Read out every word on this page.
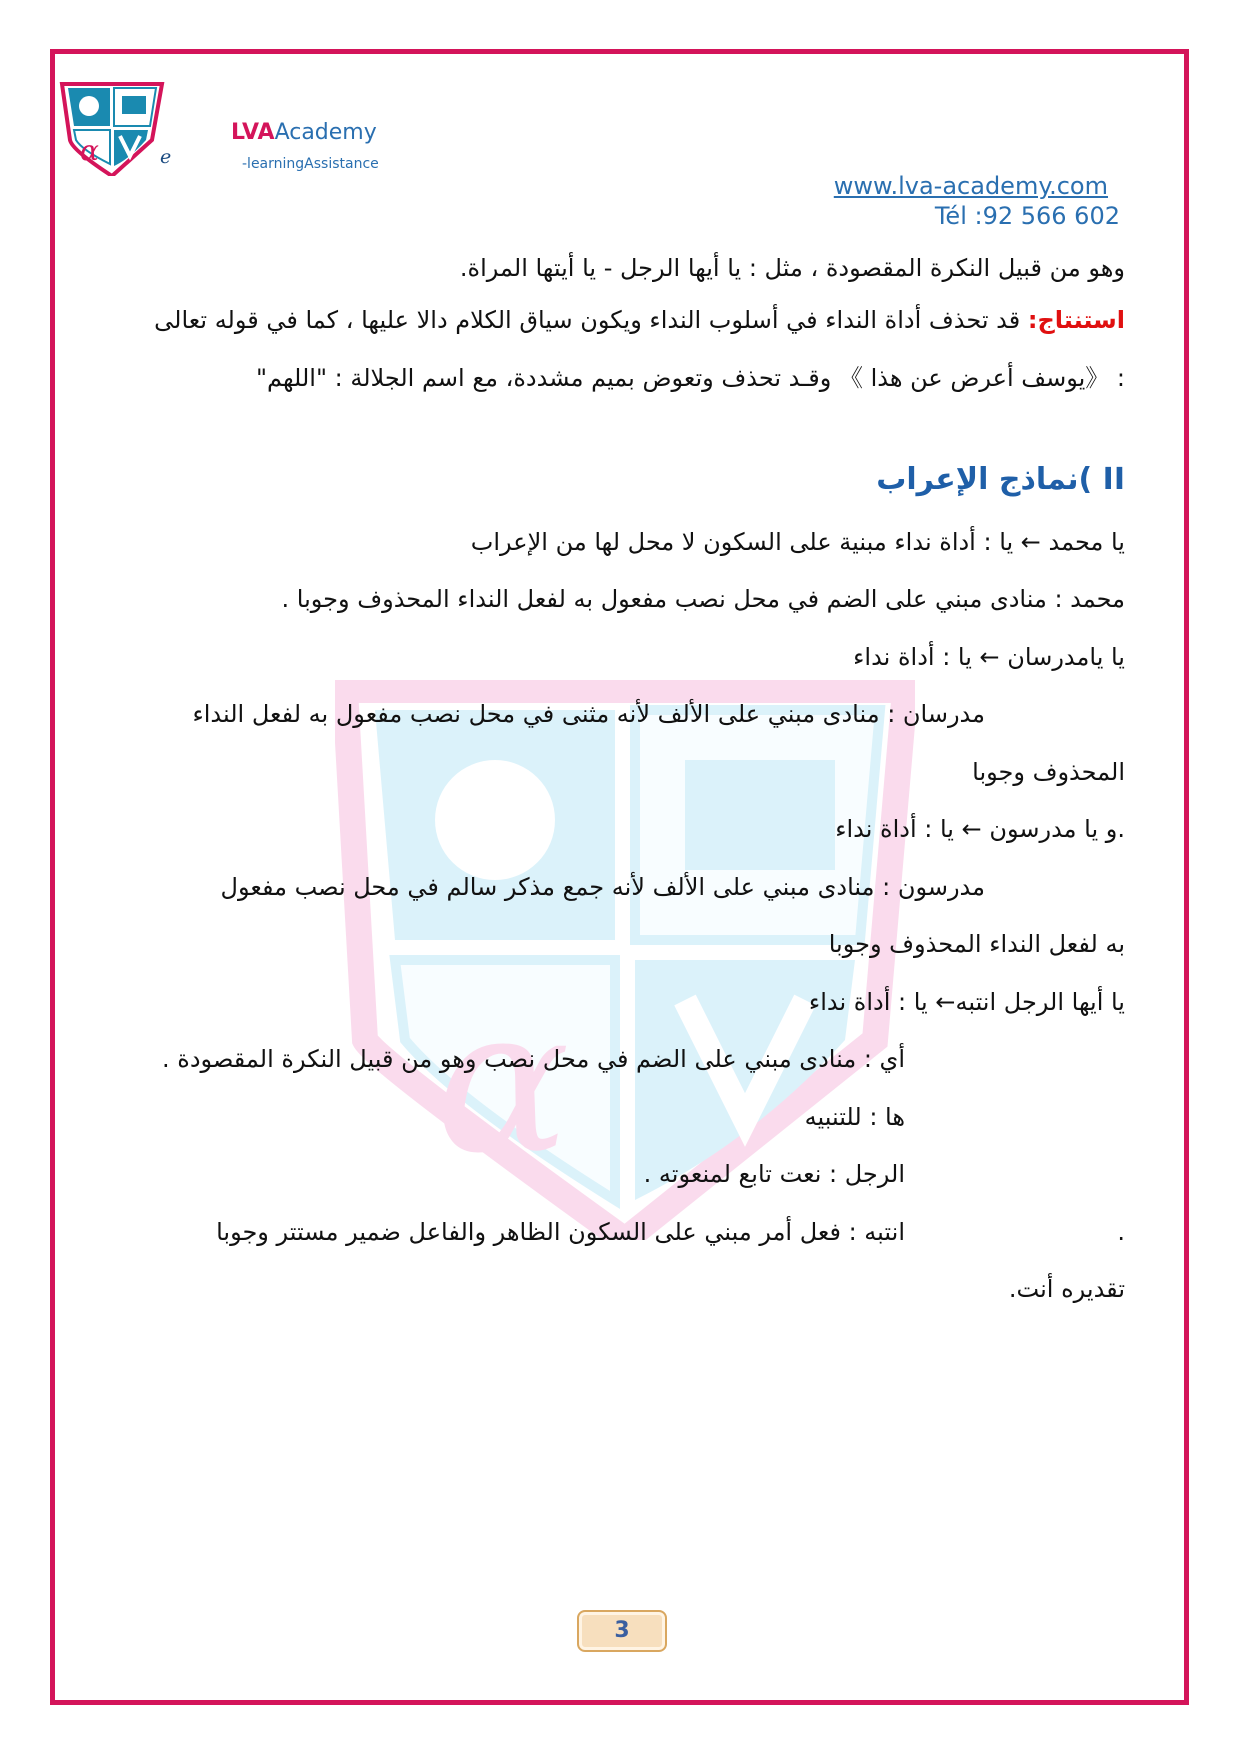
α	e
LVAAcademy
-learningAssistance
www.lva-academy.com
Tél :92 566 602
α
وهو من قبيل النكرة المقصودة ، مثل : يا أيها الرجل - يا أيتها المراة.
استنتاج: قد تحذف أداة النداء في أسلوب النداء ويكون سياق الكلام دالا عليها ، كما في قوله تعالى
: 《يوسف أعرض عن هذا 》 وقـد تحذف وتعوض بميم مشددة، مع اسم الجلالة : "اللهم"
II )نماذج الإعراب
يا محمد ← يا : أداة نداء مبنية على السكون لا محل لها من الإعراب
محمد : منادى مبني على الضم في محل نصب مفعول به لفعل النداء المحذوف وجوبا .
يا يامدرسان ← يا : أداة نداء
مدرسان : منادى مبني على الألف لأنه مثنى في محل نصب مفعول به لفعل النداء
المحذوف وجوبا
.و يا مدرسون ← يا : أداة نداء
مدرسون : منادى مبني على الألف لأنه جمع مذكر سالم في محل نصب مفعول
به لفعل النداء المحذوف وجوبا
يا أيها الرجل انتبه← يا : أداة نداء
أي : منادى مبني على الضم في محل نصب وهو من قبيل النكرة المقصودة .
ها : للتنبيه
الرجل : نعت تابع لمنعوته .
.
انتبه : فعل أمر مبني على السكون الظاهر والفاعل ضمير مستتر وجوبا
تقديره أنت.
3
